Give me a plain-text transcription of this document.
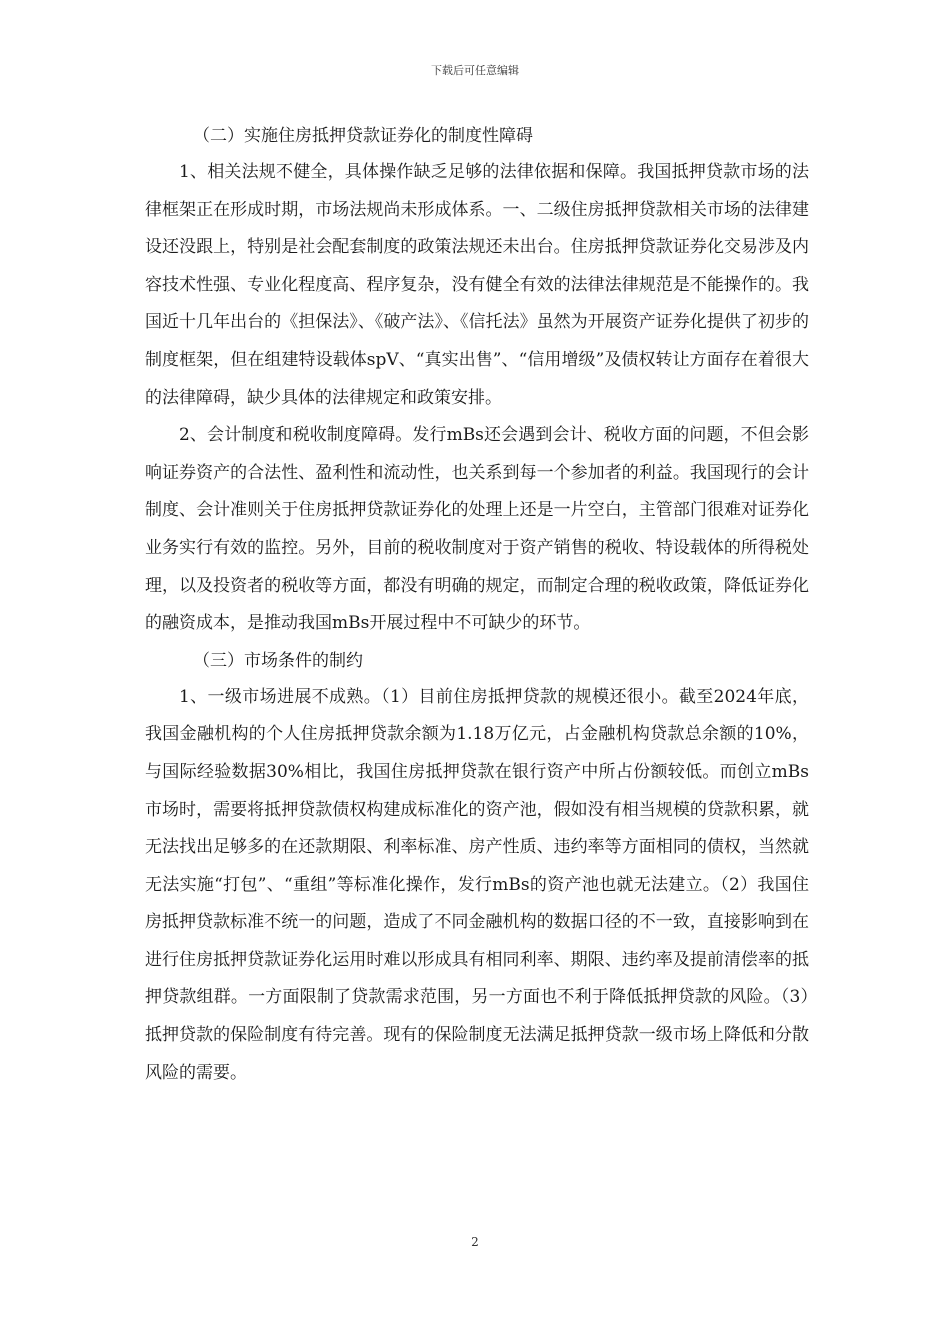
下载后可任意编辑
（二）实施住房抵押贷款证券化的制度性障碍

1、相关法规不健全，具体操作缺乏足够的法律依据和保障。我国抵押贷款市场的法律框架正在形成时期，市场法规尚未形成体系。一、二级住房抵押贷款相关市场的法律建设还没跟上，特别是社会配套制度的政策法规还未出台。住房抵押贷款证券化交易涉及内容技术性强、专业化程度高、程序复杂，没有健全有效的法律法律规范是不能操作的。我国近十几年出台的《担保法》、《破产法》、《信托法》虽然为开展资产证券化提供了初步的制度框架，但在组建特设载体spV、“真实出售”、“信用增级”及债权转让方面存在着很大的法律障碍，缺少具体的法律规定和政策安排。

2、会计制度和税收制度障碍。发行mBs还会遇到会计、税收方面的问题，不但会影响证券资产的合法性、盈利性和流动性，也关系到每一个参加者的利益。我国现行的会计制度、会计准则关于住房抵押贷款证券化的处理上还是一片空白，主管部门很难对证券化业务实行有效的监控。另外，目前的税收制度对于资产销售的税收、特设载体的所得税处理，以及投资者的税收等方面，都没有明确的规定，而制定合理的税收政策，降低证券化的融资成本，是推动我国mBs开展过程中不可缺少的环节。

（三）市场条件的制约

1、一级市场进展不成熟。（1）目前住房抵押贷款的规模还很小。截至2024年底，我国金融机构的个人住房抵押贷款余额为1.18万亿元，占金融机构贷款总余额的10%，与国际经验数据30%相比，我国住房抵押贷款在银行资产中所占份额较低。而创立mBs市场时，需要将抵押贷款债权构建成标准化的资产池，假如没有相当规模的贷款积累，就无法找出足够多的在还款期限、利率标准、房产性质、违约率等方面相同的债权，当然就无法实施“打包”、“重组”等标准化操作，发行mBs的资产池也就无法建立。（2）我国住房抵押贷款标准不统一的问题，造成了不同金融机构的数据口径的不一致，直接影响到在进行住房抵押贷款证券化运用时难以形成具有相同利率、期限、违约率及提前清偿率的抵押贷款组群。一方面限制了贷款需求范围，另一方面也不利于降低抵押贷款的风险。（3）抵押贷款的保险制度有待完善。现有的保险制度无法满足抵押贷款一级市场上降低和分散风险的需要。

2
